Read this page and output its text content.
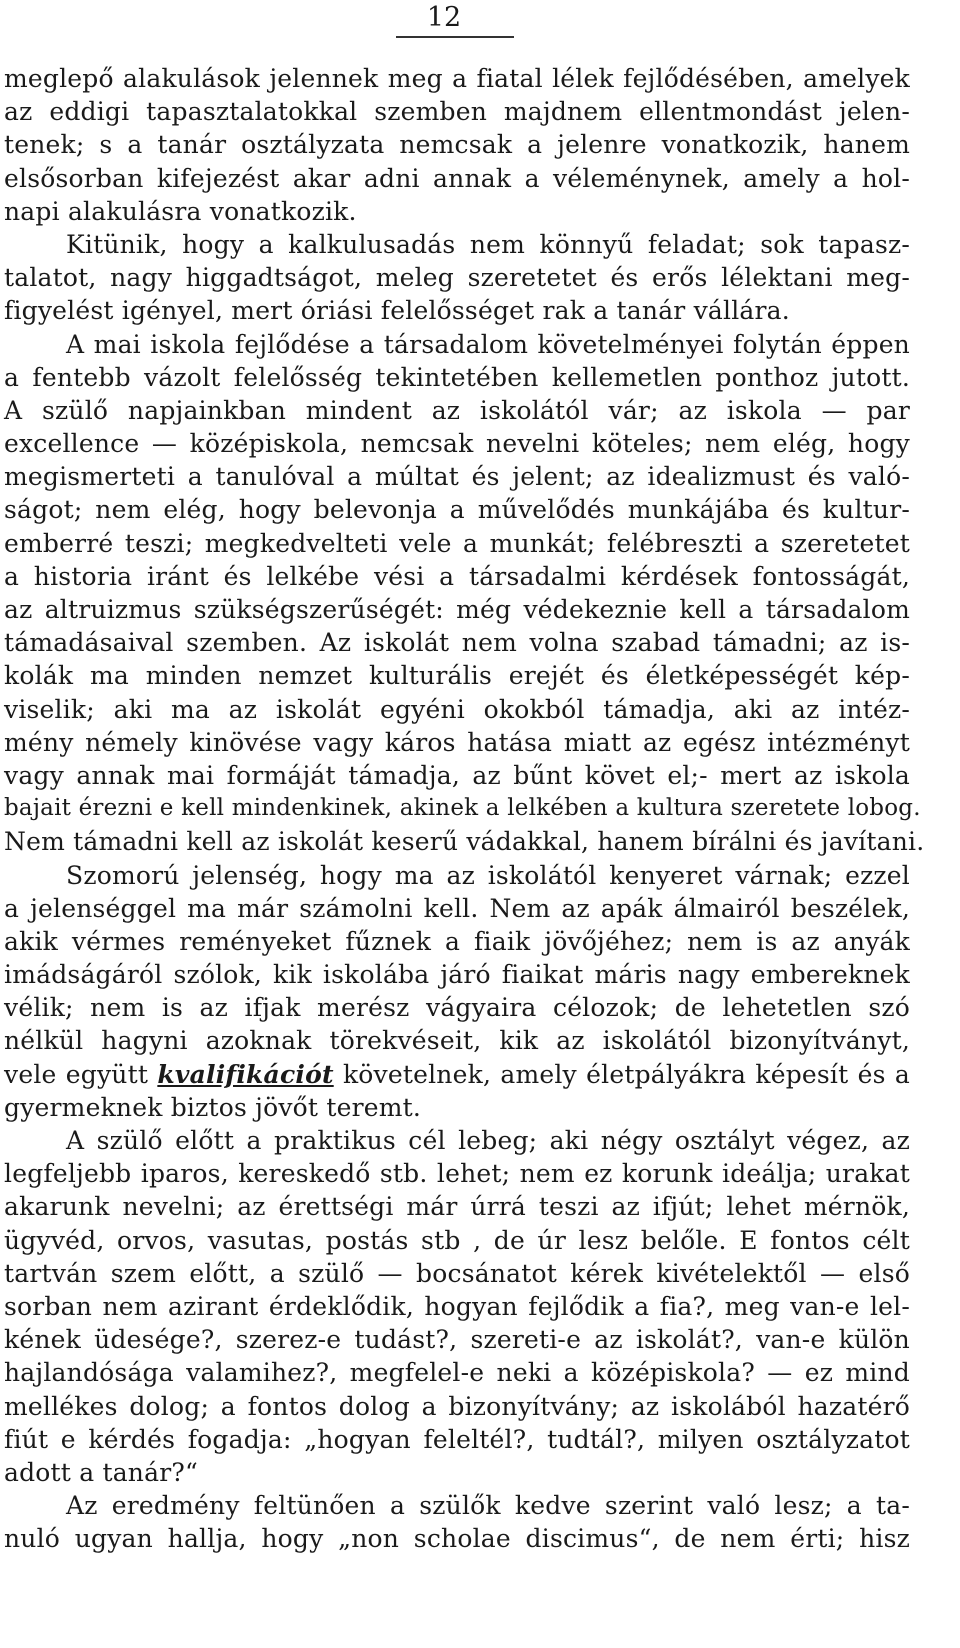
12
meglepő alakulások jelennek meg a fiatal lélek fejlődésében, amelyek
az eddigi tapasztalatokkal szemben majdnem ellentmondást jelen-
tenek; s a tanár osztályzata nemcsak a jelenre vonatkozik, hanem
elsősorban kifejezést akar adni annak a véleménynek, amely a hol-
napi alakulásra vonatkozik.
Kitünik, hogy a kalkulusadás nem könnyű feladat; sok tapasz-
talatot, nagy higgadtságot, meleg szeretetet és erős lélektani meg-
figyelést igényel, mert óriási felelősséget rak a tanár vállára.
A mai iskola fejlődése a társadalom követelményei folytán éppen
a fentebb vázolt felelősség tekintetében kellemetlen ponthoz jutott.
A szülő napjainkban mindent az iskolától vár; az iskola — par
excellence — középiskola, nemcsak nevelni köteles; nem elég, hogy
megismerteti a tanulóval a múltat és jelent; az idealizmust és való-
ságot; nem elég, hogy belevonja a művelődés munkájába és kultur-
emberré teszi; megkedvelteti vele a munkát; felébreszti a szeretetet
a historia iránt és lelkébe vési a társadalmi kérdések fontosságát,
az altruizmus szükségszerűségét: még védekeznie kell a társadalom
támadásaival szemben. Az iskolát nem volna szabad támadni; az is-
kolák ma minden nemzet kulturális erejét és életképességét kép-
viselik; aki ma az iskolát egyéni okokból támadja, aki az intéz-
mény némely kinövése vagy káros hatása miatt az egész intézményt
vagy annak mai formáját támadja, az bűnt követ el;- mert az iskola
bajait érezni e kell mindenkinek, akinek a lelkében a kultura szeretete lobog.
Nem támadni kell az iskolát keserű vádakkal, hanem bírálni és javítani.
Szomorú jelenség, hogy ma az iskolától kenyeret várnak; ezzel
a jelenséggel ma már számolni kell. Nem az apák álmairól beszélek,
akik vérmes reményeket fűznek a fiaik jövőjéhez; nem is az anyák
imádságáról szólok, kik iskolába járó fiaikat máris nagy embereknek
vélik; nem is az ifjak merész vágyaira célozok; de lehetetlen szó
nélkül hagyni azoknak törekvéseit, kik az iskolától bizonyítványt,
vele együtt kvalifikációt követelnek, amely életpályákra képesít és a
gyermeknek biztos jövőt teremt.
A szülő előtt a praktikus cél lebeg; aki négy osztályt végez, az
legfeljebb iparos, kereskedő stb. lehet; nem ez korunk ideálja; urakat
akarunk nevelni; az érettségi már úrrá teszi az ifjút; lehet mérnök,
ügyvéd, orvos, vasutas, postás stb , de úr lesz belőle. E fontos célt
tartván szem előtt, a szülő — bocsánatot kérek kivételektől — első
sorban nem azirant érdeklődik, hogyan fejlődik a fia?, meg van-e lel-
kének üdesége?, szerez-e tudást?, szereti-e az iskolát?, van-e külön
hajlandósága valamihez?, megfelel-e neki a középiskola? — ez mind
mellékes dolog; a fontos dolog a bizonyítvány; az iskolából hazatérő
fiút e kérdés fogadja: „hogyan feleltél?, tudtál?, milyen osztályzatot
adott a tanár?“
Az eredmény feltünően a szülők kedve szerint való lesz; a ta-
nuló ugyan hallja, hogy „non scholae discimus“, de nem érti; hisz
